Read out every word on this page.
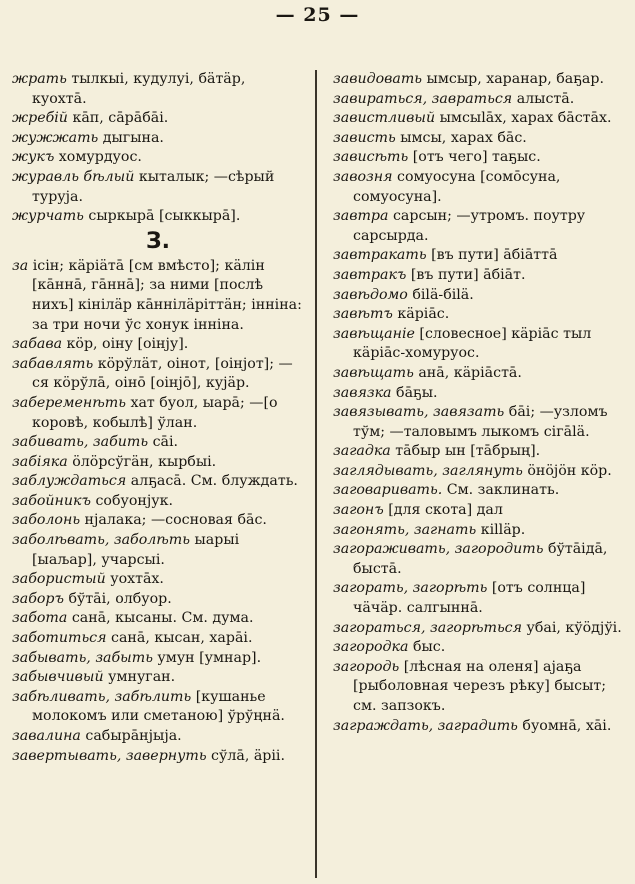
— 25 —
жрать тылкыі, кудулуі, бӓтӓр, куохтā.
жребій кāп, сāрāбāі.
жужжать дыгына.
жукъ хомурдуос.
журавль бѣлый кыталык; —сѣрый туруја.
журчать сыркырā [сыккырā].
З.
за ісін; кӓріӓтā [см вмѣсто]; кӓлін [кāннā, гāннā]; за ними [послѣ нихъ] кінілӓр кāннілӓріттӓн; інніна: за три ночи ўс хонук інніна.
забава кӧр, оіну [оінју].
забавлять кӧрўлӓт, оінот, [оінјот]; —ся кӧрўлā, оінō [оінјō], кујӓр.
забеременѣть хат буол, ыарā; —[о коровѣ, кобылѣ] ўлан.
забивать, забить сāі.
забіяка ӧлӧрсўгӓн, кырбыі.
заблуждаться алҕасā. См. блуждать.
забойникъ собуонјук.
заболонь нјалака; —сосновая бāс.
заболѣвать, заболѣть ыарыі [ыаљар], учарсыі.
забористый уохтāх.
заборъ бўтāі, олбуор.
забота санā, кысаны. См. дума.
заботиться санā, кысан, харāі.
забывать, забыть умун [умнар].
забывчивый умнуган.
забѣливать, забѣлить [кушанье молокомъ или сметаною] ўрўңнӓ.
завалина сабырāнјыја.
завертывать, завернуть сўлā, ӓріі.
завидовать ымсыр, харанар, баҕар.
завираться, завраться алыстā.
завистливый ымсыlāх, харах бāстāх.
зависть ымсы, харах бāс.
зависѣть [отъ чего] таҕыс.
завозня сомуосуна [сомōсуна, сомуосуна].
завтра сарсын; —утромъ. поутру сарсырда.
завтракать [въ пути] āбіāттā
завтракъ [въ пути] āбіāт.
завѣдомо біlӓ-біlӓ.
завѣтъ кӓріāс.
завѣщаніе [словесное] кӓріāс тыл кӓріāс-хомуруос.
завѣщать анā, кӓріāстā.
завязка бāҕы.
завязывать, завязать бāі; —узломъ тўм; —таловымъ лыкомъ сігālӓ.
загадка тāбыр ын [тāбрың].
заглядывать, заглянуть ӧнӧјӧн кӧр.
заговаривать. См. заклинать.
загонъ [для скота] дал
загонять, загнать кіllӓр.
загораживать, загородить бўтāідā, быстā.
загорать, загорѣть [отъ солнца] чӓчӓр. салгыннā.
загораться, загорѣться убаі, кўӧдјўі.
загородка быс.
загородь [лѣсная на оленя] ајаҕа [рыболовная черезъ рѣку] бысыт; см. запзокъ.
заграждать, заградить буомнā, хāі.
